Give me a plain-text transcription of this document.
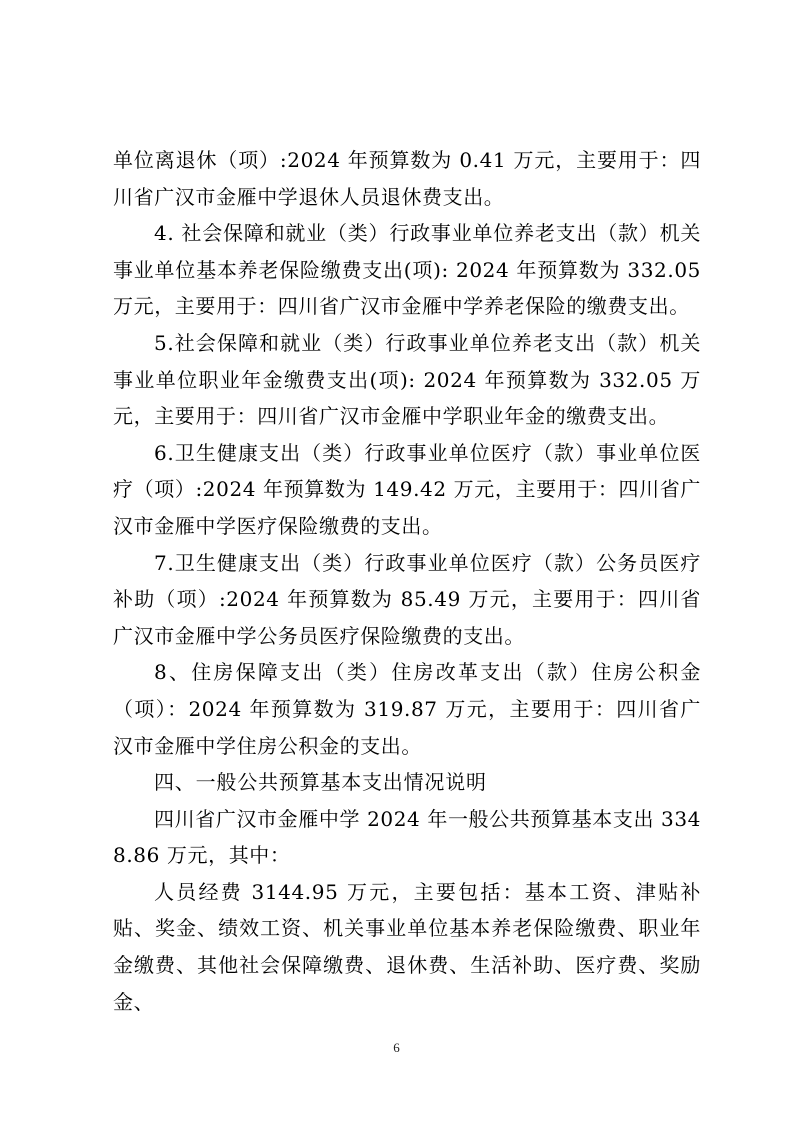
单位离退休（项）:2024 年预算数为 0.41 万元，主要用于：四川省广汉市金雁中学退休人员退休费支出。

4. 社会保障和就业（类）行政事业单位养老支出（款）机关事业单位基本养老保险缴费支出(项): 2024 年预算数为 332.05 万元，主要用于：四川省广汉市金雁中学养老保险的缴费支出。

5.社会保障和就业（类）行政事业单位养老支出（款）机关事业单位职业年金缴费支出(项): 2024 年预算数为 332.05 万元，主要用于：四川省广汉市金雁中学职业年金的缴费支出。

6.卫生健康支出（类）行政事业单位医疗（款）事业单位医疗（项）:2024 年预算数为 149.42 万元，主要用于：四川省广汉市金雁中学医疗保险缴费的支出。

7.卫生健康支出（类）行政事业单位医疗（款）公务员医疗补助（项）:2024 年预算数为 85.49 万元，主要用于：四川省广汉市金雁中学公务员医疗保险缴费的支出。

8、住房保障支出（类）住房改革支出（款）住房公积金（项）：2024 年预算数为 319.87 万元，主要用于：四川省广汉市金雁中学住房公积金的支出。

四、一般公共预算基本支出情况说明

四川省广汉市金雁中学 2024 年一般公共预算基本支出 3348.86 万元，其中：

人员经费 3144.95 万元，主要包括：基本工资、津贴补贴、奖金、绩效工资、机关事业单位基本养老保险缴费、职业年金缴费、其他社会保障缴费、退休费、生活补助、医疗费、奖励金、

6
